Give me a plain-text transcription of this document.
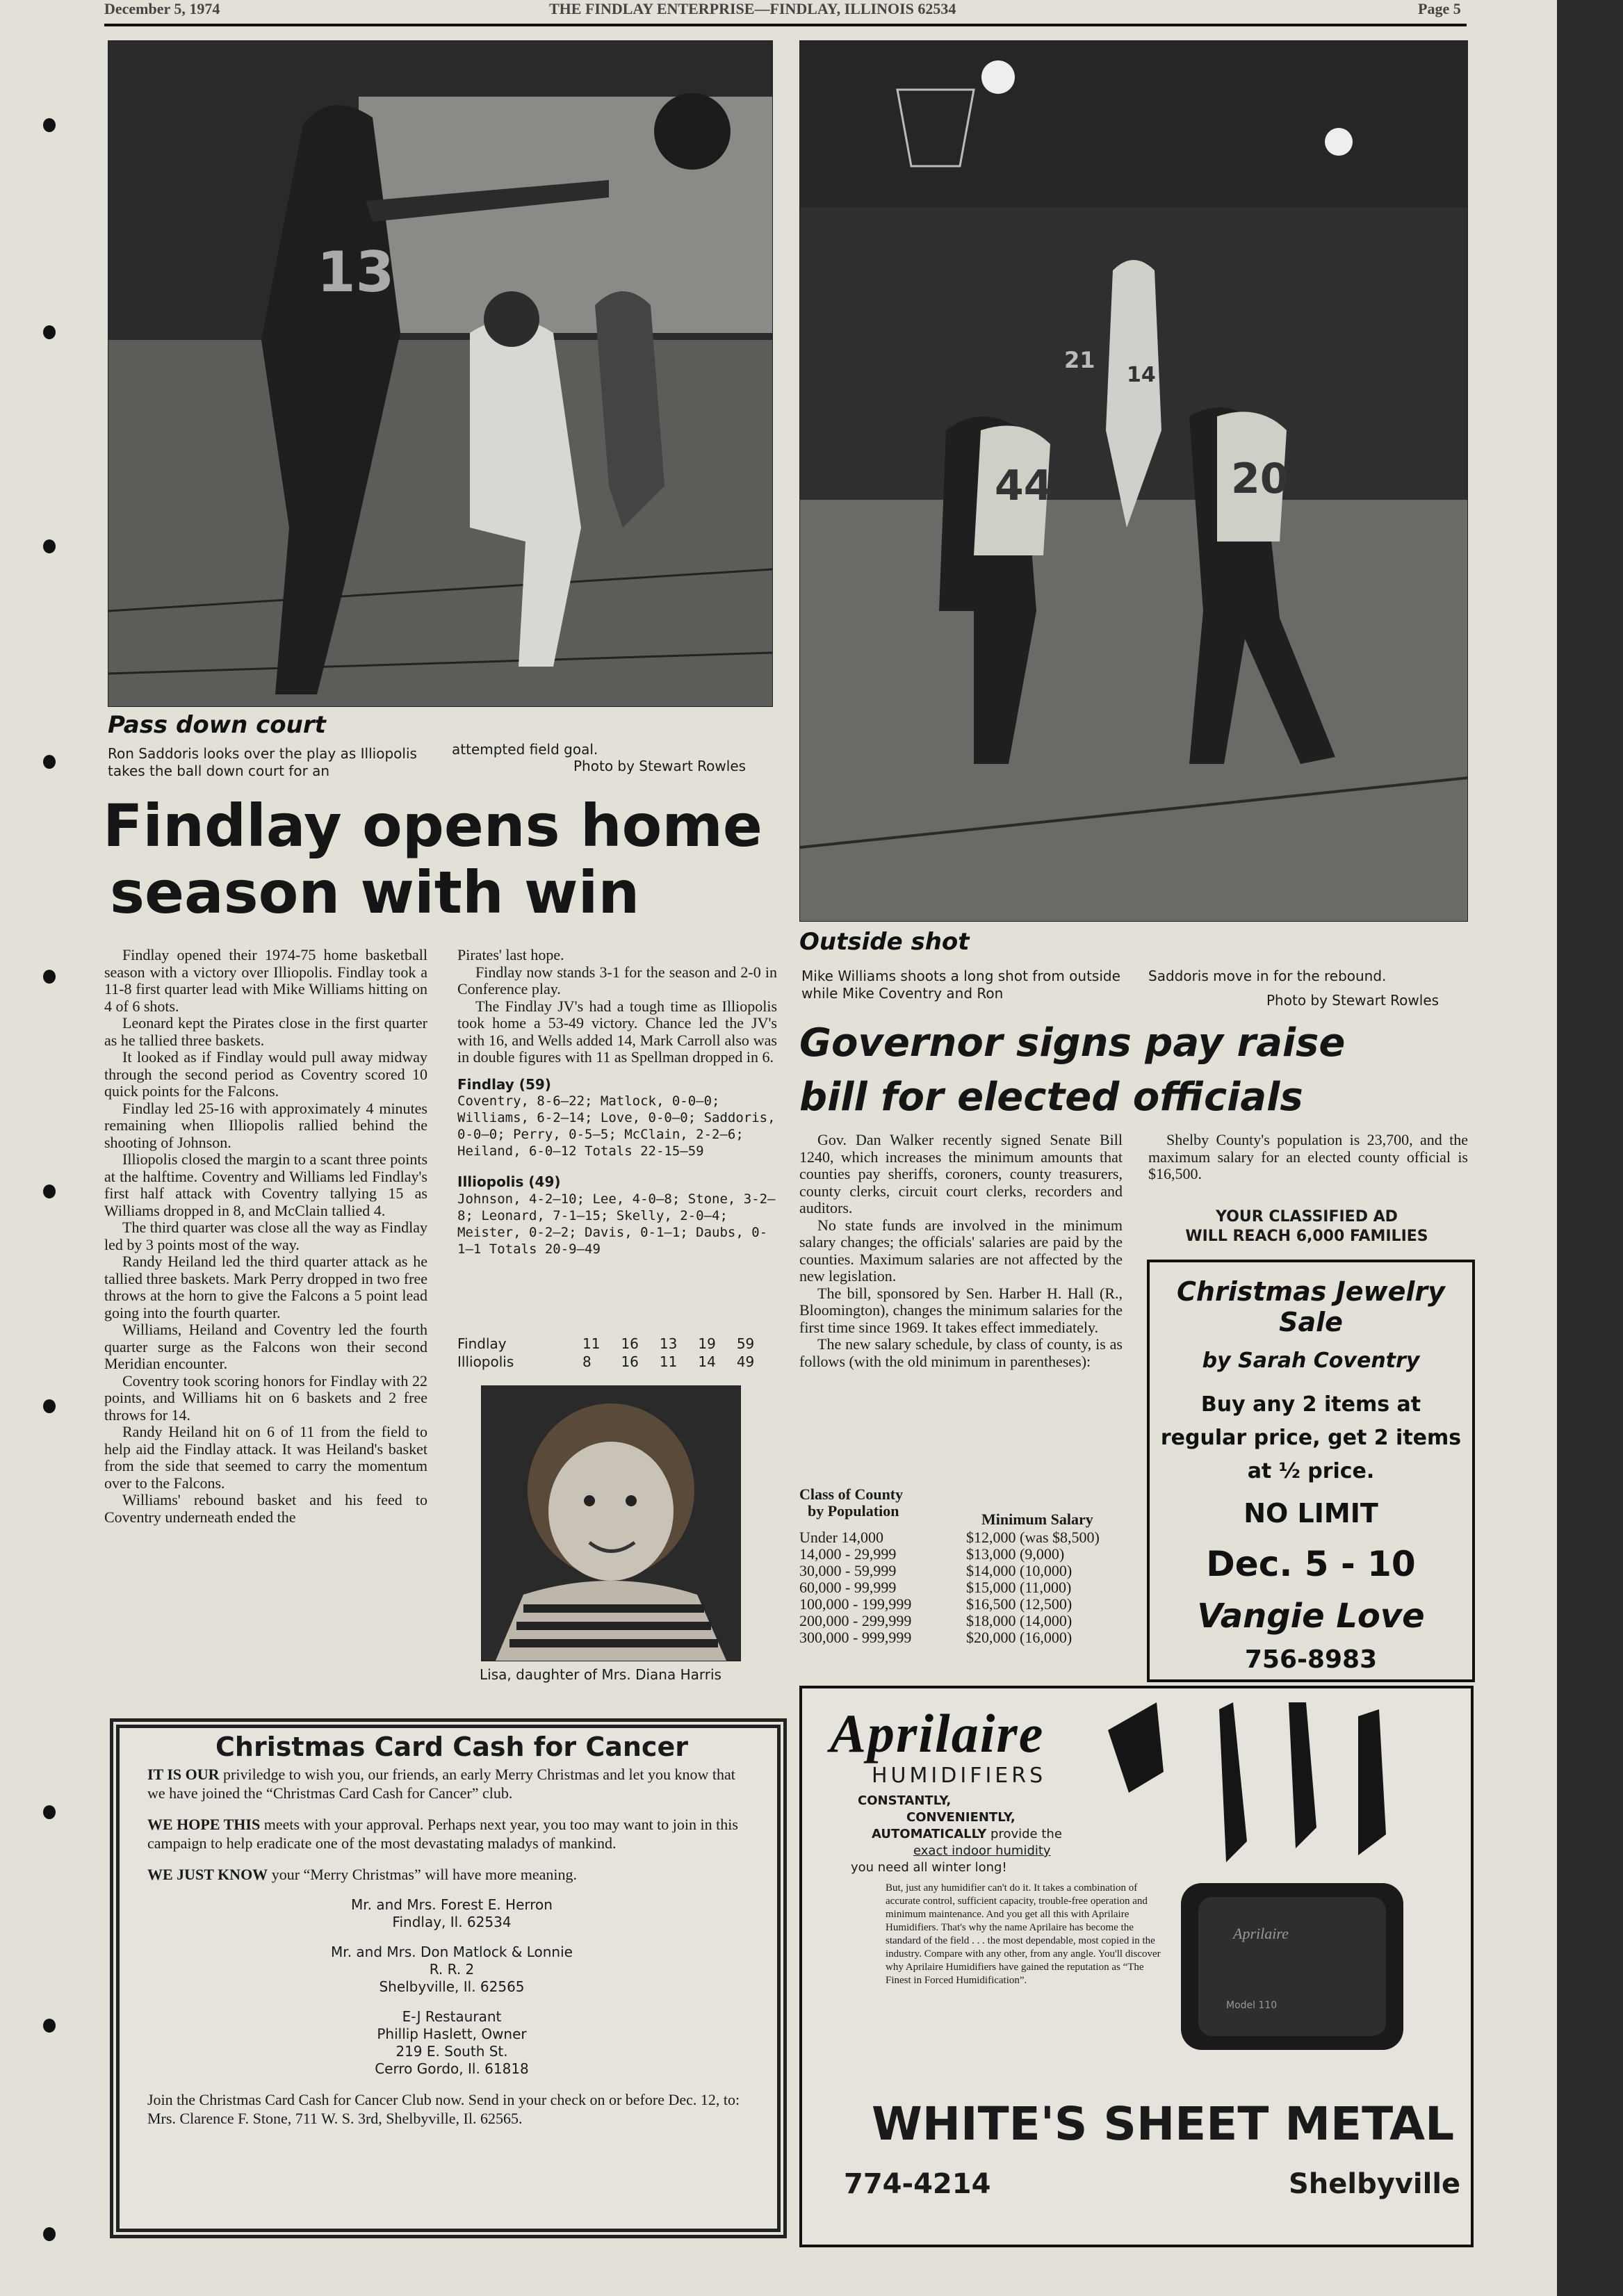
December 5, 1974	THE FINDLAY ENTERPRISE—FINDLAY, ILLINOIS 62534	Page 5
13
Pass down court
Ron Saddoris looks over the play as Illiopolis takes the ball down court for an
attempted field goal.
Photo by Stewart Rowles
Findlay opens home
season with win

Findlay opened their 1974-75 home basketball season with a victory over Illiopolis. Findlay took a 11-8 first quarter lead with Mike Williams hitting on 4 of 6 shots.

Leonard kept the Pirates close in the first quarter as he tallied three baskets.

It looked as if Findlay would pull away midway through the second period as Coventry scored 10 quick points for the Falcons.

Findlay led 25-16 with approximately 4 minutes remaining when Illiopolis rallied behind the shooting of Johnson.

Illiopolis closed the margin to a scant three points at the halftime. Coventry and Williams led Findlay's first half attack with Coventry tallying 15 as Williams dropped in 8, and McClain tallied 4.

The third quarter was close all the way as Findlay led by 3 points most of the way.

Randy Heiland led the third quarter attack as he tallied three baskets. Mark Perry dropped in two free throws at the horn to give the Falcons a 5 point lead going into the fourth quarter.

Williams, Heiland and Coventry led the fourth quarter surge as the Falcons won their second Meridian encounter.

Coventry took scoring honors for Findlay with 22 points, and Williams hit on 6 baskets and 2 free throws for 14.

Randy Heiland hit on 6 of 11 from the field to help aid the Findlay attack. It was Heiland's basket from the side that seemed to carry the momentum over to the Falcons.

Williams' rebound basket and his feed to Coventry underneath ended the

Pirates' last hope.

Findlay now stands 3-1 for the season and 2-0 in Conference play.

The Findlay JV's had a tough time as Illiopolis took home a 53-49 victory. Chance led the JV's with 16, and Wells added 14, Mark Carroll also was in double figures with 11 as Spellman dropped in 6.

Findlay (59)
Coventry, 8-6—22; Matlock, 0-0—0;
Williams, 6-2—14; Love, 0-0—0; Saddoris,
0-0—0; Perry, 0-5—5; McClain, 2-2—6;
Heiland, 6-0—12 Totals 22-15—59
Illiopolis (49)
Johnson, 4-2—10; Lee, 4-0—8; Stone, 3-2—
8; Leonard, 7-1—15; Skelly, 2-0—4;
Meister, 0-2—2; Davis, 0-1—1; Daubs, 0-
1—1 Totals 20-9—49
Findlay	11	16	13	19	59
Illiopolis	8	16	11	14	49
Lisa, daughter of Mrs. Diana Harris
44	20
14
21
Outside shot
Mike Williams shoots a long shot from outside while Mike Coventry and Ron
Saddoris move in for the rebound.
Photo by Stewart Rowles
Governor signs pay raise
bill for elected officials

Gov. Dan Walker recently signed Senate Bill 1240, which increases the minimum amounts that counties pay sheriffs, coroners, county treasurers, county clerks, circuit court clerks, recorders and auditors.

No state funds are involved in the minimum salary changes; the officials' salaries are paid by the counties. Maximum salaries are not affected by the new legislation.

The bill, sponsored by Sen. Harber H. Hall (R., Bloomington), changes the minimum salaries for the first time since 1969. It takes effect immediately.

The new salary schedule, by class of county, is as follows (with the old minimum in parentheses):

Class of County
by Population	Minimum Salary
Under 14,000	$12,000 (was $8,500)
14,000 - 29,999	$13,000 (9,000)
30,000 - 59,999	$14,000 (10,000)
60,000 - 99,999	$15,000 (11,000)
100,000 - 199,999	$16,500 (12,500)
200,000 - 299,999	$18,000 (14,000)
300,000 - 999,999	$20,000 (16,000)

Shelby County's population is 23,700, and the maximum salary for an elected county official is $16,500.

YOUR CLASSIFIED AD
WILL REACH 6,000 FAMILIES
Christmas Jewelry Sale
by Sarah Coventry
Buy any 2 items at
regular price, get 2 items
at ½ price.
NO LIMIT
Dec. 5 - 10
Vangie Love
756-8983
Christmas Card Cash for Cancer

IT IS OUR priviledge to wish you, our friends, an early Merry Christmas and let you know that we have joined the “Christmas Card Cash for Cancer” club.

WE HOPE THIS meets with your approval. Perhaps next year, you too may want to join in this campaign to help eradicate one of the most devastating maladys of mankind.

WE JUST KNOW your “Merry Christmas” will have more meaning.

Mr. and Mrs. Forest E. Herron
Findlay, Il. 62534
Mr. and Mrs. Don Matlock & Lonnie
R. R. 2
Shelbyville, Il. 62565
E-J Restaurant
Phillip Haslett, Owner
219 E. South St.
Cerro Gordo, Il. 61818

Join the Christmas Card Cash for Cancer Club now. Send in your check on or before Dec. 12, to: Mrs. Clarence F. Stone, 711 W. S. 3rd, Shelbyville, Il. 62565.

Aprilaire
Model 110
Aprilaire
HUMIDIFIERS
CONSTANTLY,
CONVENIENTLY,
AUTOMATICALLY provide the
exact indoor humidity
you need all winter long!
But, just any humidifier can't do it. It takes a combination of accurate control, sufficient capacity, trouble-free operation and minimum maintenance. And you get all this with Aprilaire Humidifiers. That's why the name Aprilaire has become the standard of the field . . . the most dependable, most copied in the industry. Compare with any other, from any angle. You'll discover why Aprilaire Humidifiers have gained the reputation as “The Finest in Forced Humidification”.
WHITE'S SHEET METAL
774-4214	Shelbyville
